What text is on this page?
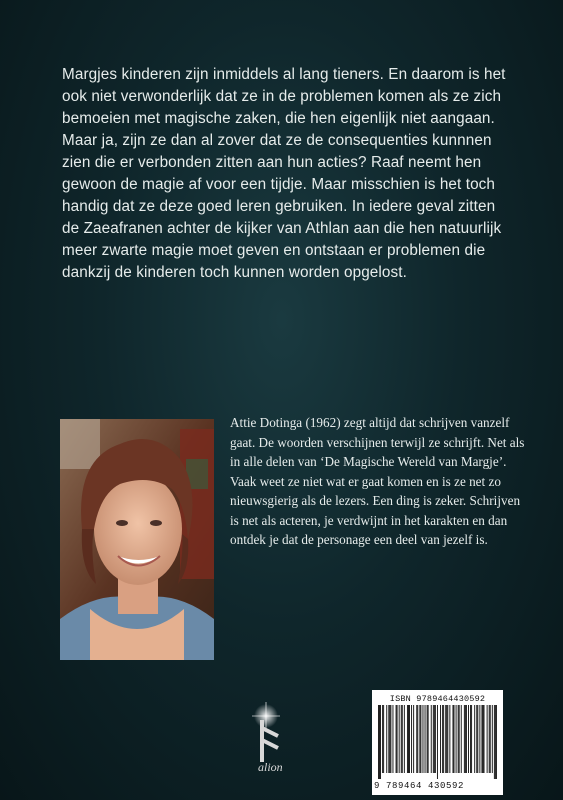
Margjes kinderen zijn inmiddels al lang tieners. En daarom is het ook niet verwonderlijk dat ze in de problemen komen als ze zich bemoeien met magische zaken, die hen eigenlijk niet aangaan. Maar ja, zijn ze dan al zover dat ze de consequenties kunnnen zien die er verbonden zitten aan hun acties? Raaf neemt hen gewoon de magie af voor een tijdje. Maar misschien is het toch handig dat ze deze goed leren gebruiken. In iedere geval zitten de Zaeafranen achter de kijker van Athlan aan die hen natuurlijk meer zwarte magie moet geven en ontstaan er problemen die dankzij de kinderen toch kunnen worden opgelost.

Attie Dotinga (1962) zegt altijd dat schrijven vanzelf gaat. De woorden verschijnen terwijl ze schrijft. Net als in alle delen van ‘De Magische Wereld van Margje’. Vaak weet ze niet wat er gaat komen en is ze net zo nieuwsgierig als de lezers. Een ding is zeker. Schrijven is net als acteren, je verdwijnt in het karakten en dan ontdek je dat de personage een deel van jezelf is.

alion
ISBN 9789464430592
9 789464 430592
